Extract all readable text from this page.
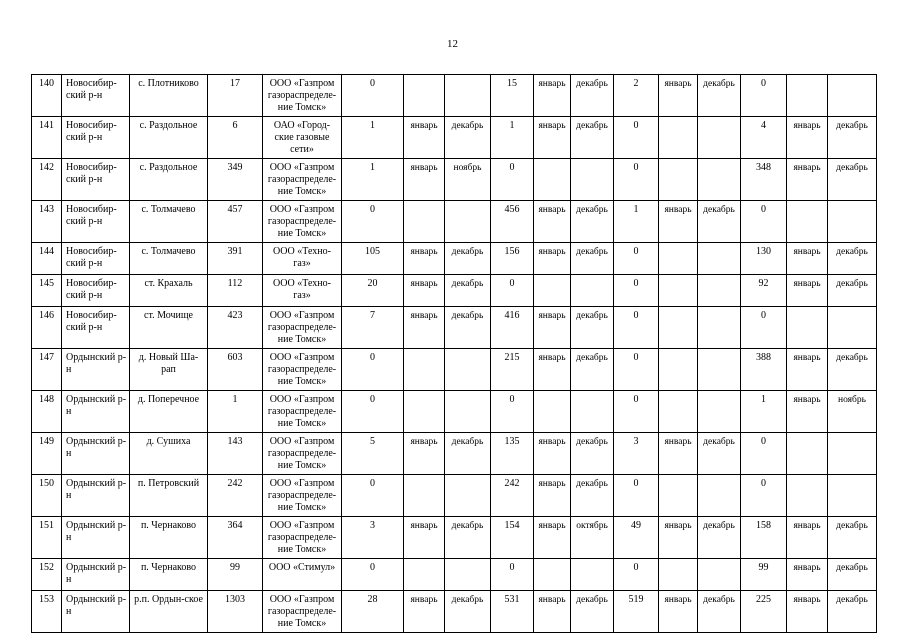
12
140	Новосибир-ский р-н	с. Плотниково	17	ООО «Газпром газораспределе-ние Томск»	0			15	январь	декабрь	2	январь	декабрь	0		
141	Новосибир-ский р-н	с. Раздольное	6	ОАО «Город-ские газовые сети»	1	январь	декабрь	1	январь	декабрь	0			4	январь	декабрь
142	Новосибир-ский р-н	с. Раздольное	349	ООО «Газпром газораспределе-ние Томск»	1	январь	ноябрь	0			0			348	январь	декабрь
143	Новосибир-ский р-н	с. Толмачево	457	ООО «Газпром газораспределе-ние Томск»	0			456	январь	декабрь	1	январь	декабрь	0		
144	Новосибир-ский р-н	с. Толмачево	391	ООО «Техно-газ»	105	январь	декабрь	156	январь	декабрь	0			130	январь	декабрь
145	Новосибир-ский р-н	ст. Крахаль	112	ООО «Техно-газ»	20	январь	декабрь	0			0			92	январь	декабрь
146	Новосибир-ский р-н	ст. Мочище	423	ООО «Газпром газораспределе-ние Томск»	7	январь	декабрь	416	январь	декабрь	0			0		
147	Ордынский р-н	д. Новый Ша-рап	603	ООО «Газпром газораспределе-ние Томск»	0			215	январь	декабрь	0			388	январь	декабрь
148	Ордынский р-н	д. Поперечное	1	ООО «Газпром газораспределе-ние Томск»	0			0			0			1	январь	ноябрь
149	Ордынский р-н	д. Сушиха	143	ООО «Газпром газораспределе-ние Томск»	5	январь	декабрь	135	январь	декабрь	3	январь	декабрь	0		
150	Ордынский р-н	п. Петровский	242	ООО «Газпром газораспределе-ние Томск»	0			242	январь	декабрь	0			0		
151	Ордынский р-н	п. Чернаково	364	ООО «Газпром газораспределе-ние Томск»	3	январь	декабрь	154	январь	октябрь	49	январь	декабрь	158	январь	декабрь
152	Ордынский р-н	п. Чернаково	99	ООО «Стимул»	0			0			0			99	январь	декабрь
153	Ордынский р-н	р.п. Ордын-ское	1303	ООО «Газпром газораспределе-ние Томск»	28	январь	декабрь	531	январь	декабрь	519	январь	декабрь	225	январь	декабрь
